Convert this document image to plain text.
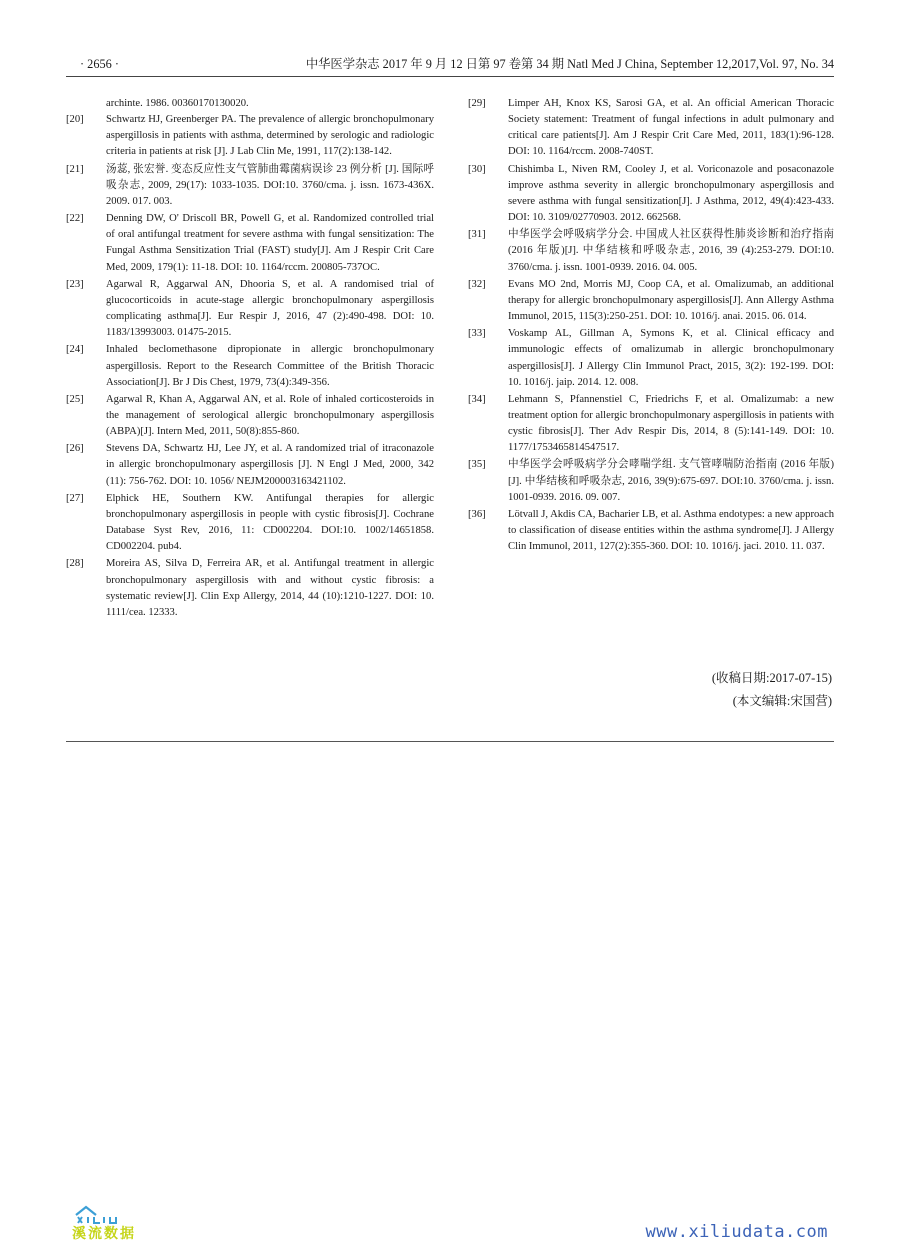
· 2656 ·	中华医学杂志 2017 年 9 月 12 日第 97 卷第 34 期 Natl Med J China, September 12,2017,Vol. 97, No. 34
archinte. 1986. 00360170130020.
[20]	Schwartz HJ, Greenberger PA. The prevalence of allergic bronchopulmonary aspergillosis in patients with asthma, determined by serologic and radiologic criteria in patients at risk [J]. J Lab Clin Me, 1991, 117(2):138-142.
[21]	汤蕊, 张宏誉. 变态反应性支气管肺曲霉菌病误诊 23 例分析 [J]. 国际呼吸杂志, 2009, 29(17): 1033-1035. DOI:10. 3760/cma. j. issn. 1673-436X. 2009. 017. 003.
[22]	Denning DW, O' Driscoll BR, Powell G, et al. Randomized controlled trial of oral antifungal treatment for severe asthma with fungal sensitization: The Fungal Asthma Sensitization Trial (FAST) study[J]. Am J Respir Crit Care Med, 2009, 179(1): 11-18. DOI: 10. 1164/rccm. 200805-737OC.
[23]	Agarwal R, Aggarwal AN, Dhooria S, et al. A randomised trial of glucocorticoids in acute-stage allergic bronchopulmonary aspergillosis complicating asthma[J]. Eur Respir J, 2016, 47 (2):490-498. DOI: 10. 1183/13993003. 01475-2015.
[24]	Inhaled beclomethasone dipropionate in allergic bronchopulmonary aspergillosis. Report to the Research Committee of the British Thoracic Association[J]. Br J Dis Chest, 1979, 73(4):349-356.
[25]	Agarwal R, Khan A, Aggarwal AN, et al. Role of inhaled corticosteroids in the management of serological allergic bronchopulmonary aspergillosis (ABPA)[J]. Intern Med, 2011, 50(8):855-860.
[26]	Stevens DA, Schwartz HJ, Lee JY, et al. A randomized trial of itraconazole in allergic bronchopulmonary aspergillosis [J]. N Engl J Med, 2000, 342 (11): 756-762. DOI: 10. 1056/ NEJM200003163421102.
[27]	Elphick HE, Southern KW. Antifungal therapies for allergic bronchopulmonary aspergillosis in people with cystic fibrosis[J]. Cochrane Database Syst Rev, 2016, 11: CD002204. DOI:10. 1002/14651858. CD002204. pub4.
[28]	Moreira AS, Silva D, Ferreira AR, et al. Antifungal treatment in allergic bronchopulmonary aspergillosis with and without cystic fibrosis: a systematic review[J]. Clin Exp Allergy, 2014, 44 (10):1210-1227. DOI: 10. 1111/cea. 12333.
[29]	Limper AH, Knox KS, Sarosi GA, et al. An official American Thoracic Society statement: Treatment of fungal infections in adult pulmonary and critical care patients[J]. Am J Respir Crit Care Med, 2011, 183(1):96-128. DOI: 10. 1164/rccm. 2008-740ST.
[30]	Chishimba L, Niven RM, Cooley J, et al. Voriconazole and posaconazole improve asthma severity in allergic bronchopulmonary aspergillosis and severe asthma with fungal sensitization[J]. J Asthma, 2012, 49(4):423-433. DOI: 10. 3109/02770903. 2012. 662568.
[31]	中华医学会呼吸病学分会. 中国成人社区获得性肺炎诊断和治疗指南(2016 年版)[J]. 中华结核和呼吸杂志, 2016, 39 (4):253-279. DOI:10. 3760/cma. j. issn. 1001-0939. 2016. 04. 005.
[32]	Evans MO 2nd, Morris MJ, Coop CA, et al. Omalizumab, an additional therapy for allergic bronchopulmonary aspergillosis[J]. Ann Allergy Asthma Immunol, 2015, 115(3):250-251. DOI: 10. 1016/j. anai. 2015. 06. 014.
[33]	Voskamp AL, Gillman A, Symons K, et al. Clinical efficacy and immunologic effects of omalizumab in allergic bronchopulmonary aspergillosis[J]. J Allergy Clin Immunol Pract, 2015, 3(2): 192-199. DOI: 10. 1016/j. jaip. 2014. 12. 008.
[34]	Lehmann S, Pfannenstiel C, Friedrichs F, et al. Omalizumab: a new treatment option for allergic bronchopulmonary aspergillosis in patients with cystic fibrosis[J]. Ther Adv Respir Dis, 2014, 8 (5):141-149. DOI: 10. 1177/1753465814547517.
[35]	中华医学会呼吸病学分会哮喘学组. 支气管哮喘防治指南 (2016 年版)[J]. 中华结核和呼吸杂志, 2016, 39(9):675-697. DOI:10. 3760/cma. j. issn. 1001-0939. 2016. 09. 007.
[36]	Lötvall J, Akdis CA, Bacharier LB, et al. Asthma endotypes: a new approach to classification of disease entities within the asthma syndrome[J]. J Allergy Clin Immunol, 2011, 127(2):355-360. DOI: 10. 1016/j. jaci. 2010. 11. 037.
(收稿日期:2017-07-15)
(本文编辑:宋国营)
溪流数据	www.xiliudata.com
